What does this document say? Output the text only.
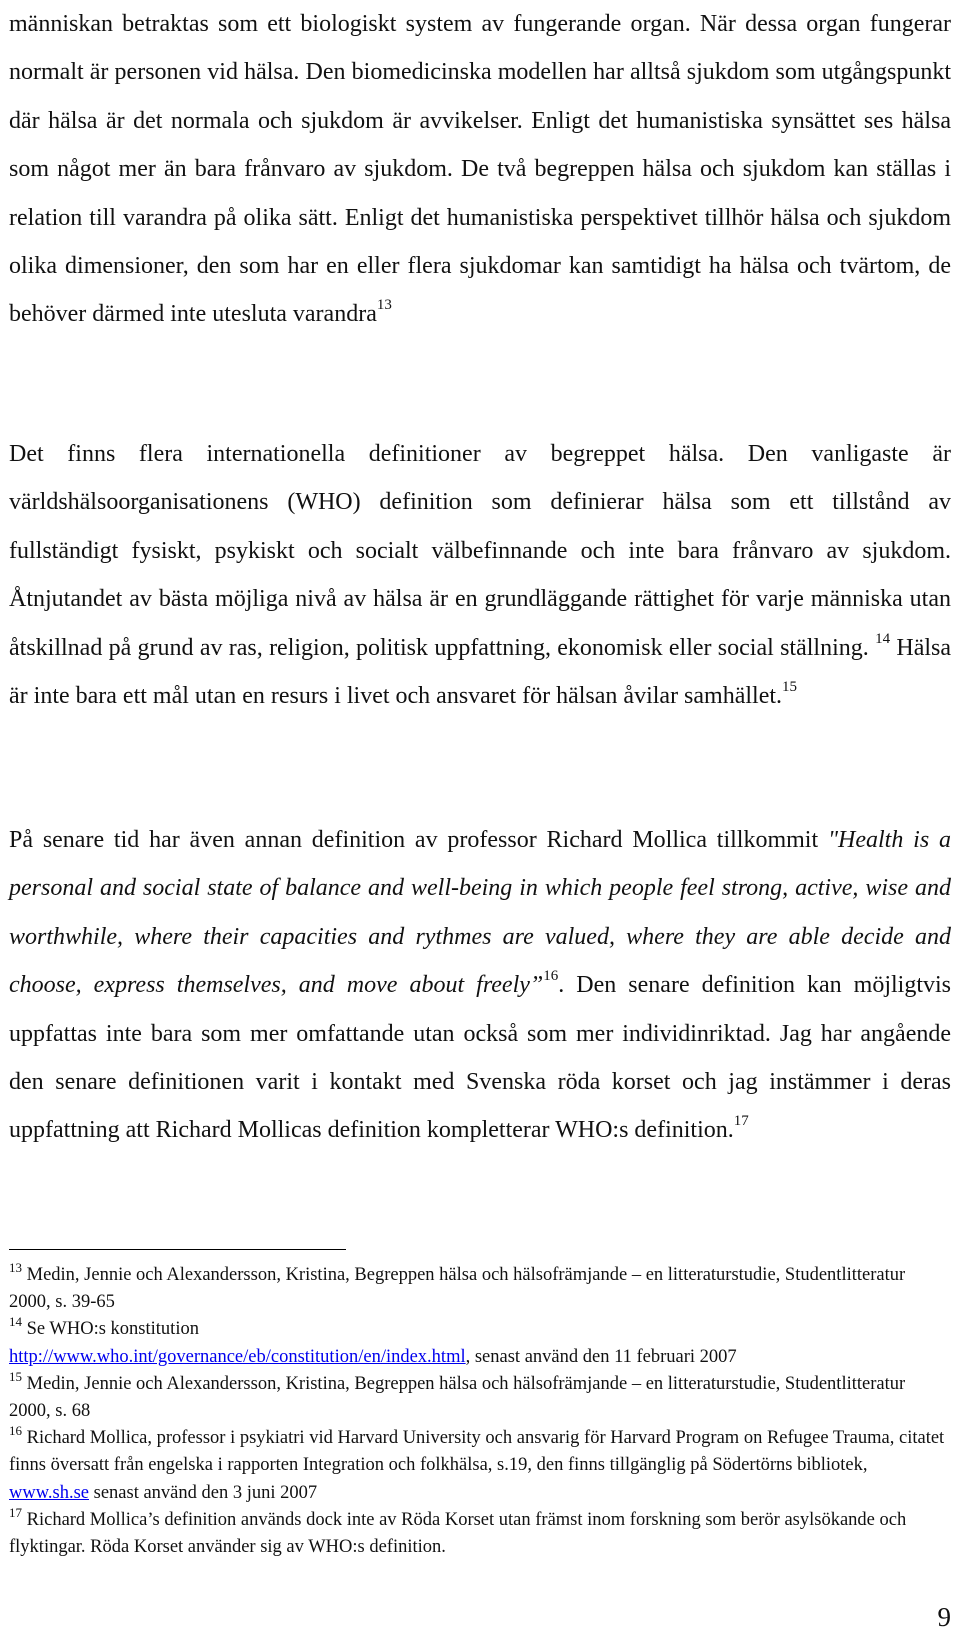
människan betraktas som ett biologiskt system av fungerande organ. När dessa organ fungerar normalt är personen vid hälsa. Den biomedicinska modellen har alltså sjukdom som utgångspunkt där hälsa är det normala och sjukdom är avvikelser. Enligt det humanistiska synsättet ses hälsa som något mer än bara frånvaro av sjukdom. De två begreppen hälsa och sjukdom kan ställas i relation till varandra på olika sätt. Enligt det humanistiska perspektivet tillhör hälsa och sjukdom olika dimensioner, den som har en eller flera sjukdomar kan samtidigt ha hälsa och tvärtom, de behöver därmed inte utesluta varandra$^{13}$

Det finns flera internationella definitioner av begreppet hälsa. Den vanligaste är världshälsoorganisationens (WHO) definition som definierar hälsa som ett tillstånd av fullständigt fysiskt, psykiskt och socialt välbefinnande och inte bara frånvaro av sjukdom. Åtnjutandet av bästa möjliga nivå av hälsa är en grundläggande rättighet för varje människa utan åtskillnad på grund av ras, religion, politisk uppfattning, ekonomisk eller social ställning. $^{14}$ Hälsa är inte bara ett mål utan en resurs i livet och ansvaret för hälsan åvilar samhället.$^{15}$

På senare tid har även annan definition av professor Richard Mollica tillkommit "Health is a personal and social state of balance and well-being in which people feel strong, active, wise and worthwhile, where their capacities and rythmes are valued, where they are able decide and choose, express themselves, and move about freely”$^{16}$. Den senare definition kan möjligtvis uppfattas inte bara som mer omfattande utan också som mer individinriktad. Jag har angående den senare definitionen varit i kontakt med Svenska röda korset och jag instämmer i deras uppfattning att Richard Mollicas definition kompletterar WHO:s definition.$^{17}$

$^{13}$ Medin, Jennie och Alexandersson, Kristina, Begreppen hälsa och hälsofrämjande – en litteraturstudie, Studentlitteratur 2000, s. 39-65

$^{14}$ Se WHO:s konstitution
http://www.who.int/governance/eb/constitution/en/index.html, senast använd den 11 februari 2007

$^{15}$ Medin, Jennie och Alexandersson, Kristina, Begreppen hälsa och hälsofrämjande – en litteraturstudie, Studentlitteratur 2000, s. 68

$^{16}$ Richard Mollica, professor i psykiatri vid Harvard University och ansvarig för Harvard Program on Refugee Trauma, citatet finns översatt från engelska i rapporten Integration och folkhälsa, s.19, den finns tillgänglig på Södertörns bibliotek, www.sh.se senast använd den 3 juni 2007

$^{17}$ Richard Mollica’s definition används dock inte av Röda Korset utan främst inom forskning som berör asylsökande och flyktingar. Röda Korset använder sig av WHO:s definition.

9
